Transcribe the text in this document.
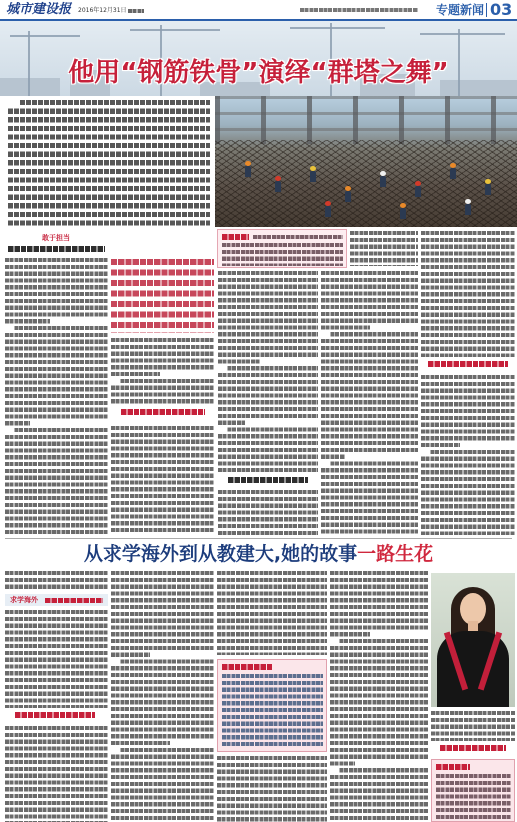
城市建设报 2016年12月31日	专题新闻 03
他用“钢筋铁骨”演绎“群塔之舞”
敢于担当
从求学海外到从教建大,她的故事一路生花
求学海外
